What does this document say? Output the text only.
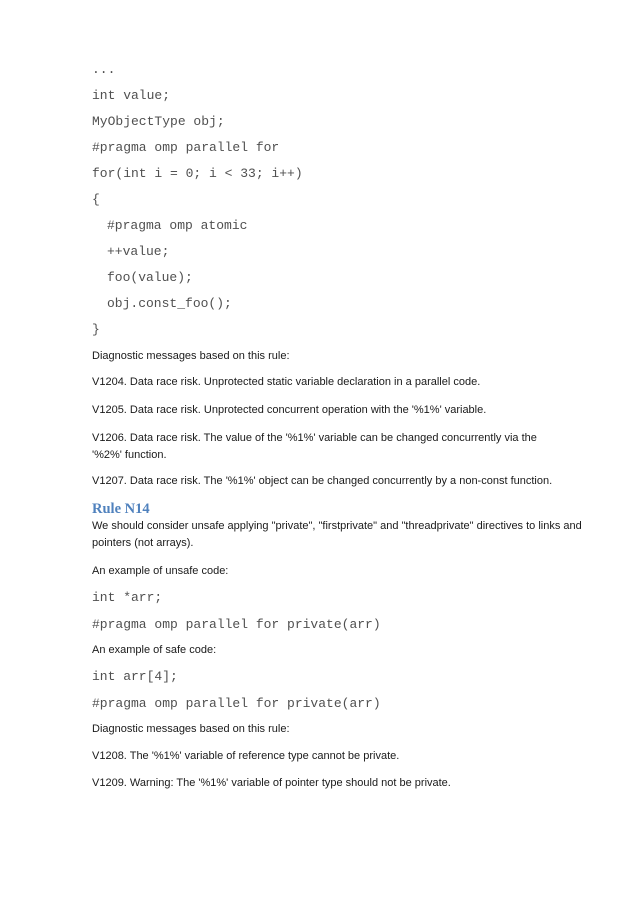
...

int value;

MyObjectType obj;

#pragma omp parallel for

for(int i = 0; i < 33; i++)

{

#pragma omp atomic

++value;

foo(value);

obj.const_foo();

}

Diagnostic messages based on this rule:

V1204. Data race risk. Unprotected static variable declaration in a parallel code.

V1205. Data race risk. Unprotected concurrent operation with the '%1%' variable.

V1206. Data race risk. The value of the '%1%' variable can be changed concurrently via the '%2%' function.

V1207. Data race risk. The '%1%' object can be changed concurrently by a non-const function.

Rule N14

We should consider unsafe applying "private", "firstprivate" and "threadprivate" directives to links and pointers (not arrays).

An example of unsafe code:

int *arr;

#pragma omp parallel for private(arr)

An example of safe code:

int arr[4];

#pragma omp parallel for private(arr)

Diagnostic messages based on this rule:

V1208. The '%1%' variable of reference type cannot be private.

V1209. Warning: The '%1%' variable of pointer type should not be private.
